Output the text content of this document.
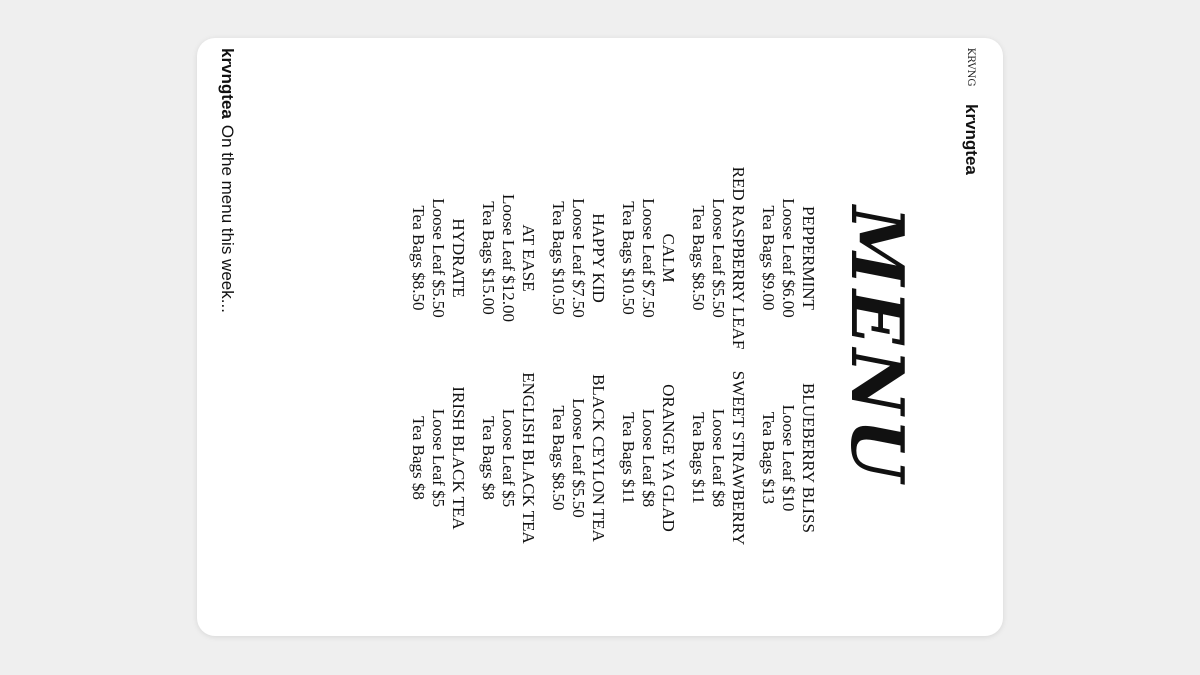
KRVNG
krvngtea
MENU
PEPPERMINT
Loose Leaf $6.00
Tea Bags $9.00
BLUEBERRY BLISS
Loose Leaf $10
Tea Bags $13
RED RASPBERRY LEAF
Loose Leaf $5.50
Tea Bags $8.50
SWEET STRAWBERRY
Loose Leaf $8
Tea Bags $11
CALM
Loose Leaf $7.50
Tea Bags $10.50
ORANGE YA GLAD
Loose Leaf $8
Tea Bags $11
HAPPY KID
Loose Leaf $7.50
Tea Bags $10.50
BLACK CEYLON TEA
Loose Leaf $5.50
Tea Bags $8.50
AT EASE
Loose Leaf $12.00
Tea Bags $15.00
ENGLISH BLACK TEA
Loose Leaf $5
Tea Bags $8
HYDRATE
Loose Leaf $5.50
Tea Bags $8.50
IRISH BLACK TEA
Loose Leaf $5
Tea Bags $8
krvngteaOn the menu this week...
